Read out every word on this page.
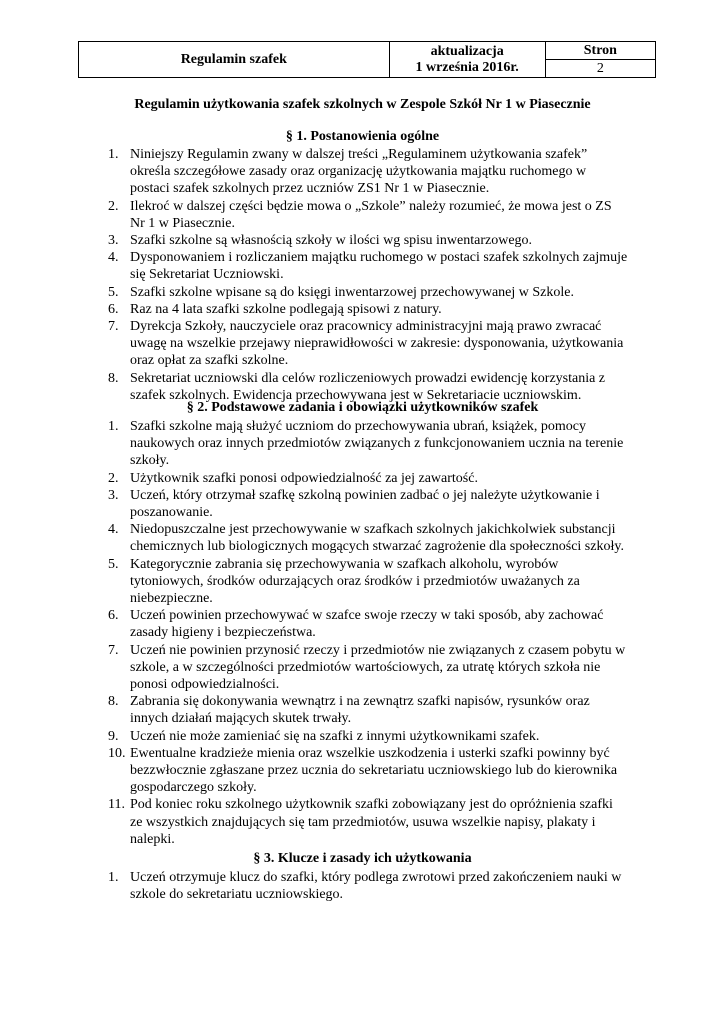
Regulamin szafek	
aktualizacja
1 września 2016r.
	Stron
2
Regulamin użytkowania szafek szkolnych w Zespole Szkół Nr 1 w Piasecznie
§ 1. Postanowienia ogólne
1. Niniejszy Regulamin zwany w dalszej treści „Regulaminem użytkowania szafek” określa szczegółowe zasady oraz organizację użytkowania majątku ruchomego w postaci szafek szkolnych przez uczniów ZS1 Nr 1 w Piasecznie.
2. Ilekroć w dalszej części będzie mowa o „Szkole” należy rozumieć, że mowa jest o ZS Nr 1 w Piasecznie.
3. Szafki szkolne są własnością szkoły w ilości wg spisu inwentarzowego.
4. Dysponowaniem i rozliczaniem majątku ruchomego w postaci szafek szkolnych zajmuje się Sekretariat Uczniowski.
5. Szafki szkolne wpisane są do księgi inwentarzowej przechowywanej w Szkole.
6. Raz na 4 lata szafki szkolne podlegają spisowi z natury.
7. Dyrekcja Szkoły, nauczyciele oraz pracownicy administracyjni mają prawo zwracać uwagę na wszelkie przejawy nieprawidłowości w zakresie: dysponowania, użytkowania oraz opłat za szafki szkolne.
8. Sekretariat uczniowski dla celów rozliczeniowych prowadzi ewidencję korzystania z szafek szkolnych. Ewidencja przechowywana jest w Sekretariacie uczniowskim.
§ 2. Podstawowe zadania i obowiązki użytkowników szafek
1. Szafki szkolne mają służyć uczniom do przechowywania ubrań, książek, pomocy naukowych oraz innych przedmiotów związanych z funkcjonowaniem ucznia na terenie szkoły.
2. Użytkownik szafki ponosi odpowiedzialność za jej zawartość.
3. Uczeń, który otrzymał szafkę szkolną powinien zadbać o jej należyte użytkowanie i poszanowanie.
4. Niedopuszczalne jest przechowywanie w szafkach szkolnych jakichkolwiek substancji chemicznych lub biologicznych mogących stwarzać zagrożenie dla społeczności szkoły.
5. Kategorycznie zabrania się przechowywania w szafkach alkoholu, wyrobów tytoniowych, środków odurzających oraz środków i przedmiotów uważanych za niebezpieczne.
6. Uczeń powinien przechowywać w szafce swoje rzeczy w taki sposób, aby zachować zasady higieny i bezpieczeństwa.
7. Uczeń nie powinien przynosić rzeczy i przedmiotów nie związanych z czasem pobytu w szkole, a w szczególności przedmiotów wartościowych, za utratę których szkoła nie ponosi odpowiedzialności.
8. Zabrania się dokonywania wewnątrz i na zewnątrz szafki napisów, rysunków oraz innych działań mających skutek trwały.
9. Uczeń nie może zamieniać się na szafki z innymi użytkownikami szafek.
10. Ewentualne kradzieże mienia oraz wszelkie uszkodzenia i usterki szafki powinny być bezzwłocznie zgłaszane przez ucznia do sekretariatu uczniowskiego lub do kierownika gospodarczego szkoły.
11. Pod koniec roku szkolnego użytkownik szafki zobowiązany jest do opróżnienia szafki ze wszystkich znajdujących się tam przedmiotów, usuwa wszelkie napisy, plakaty i nalepki.
§ 3. Klucze i zasady ich użytkowania
1. Uczeń otrzymuje klucz do szafki, który podlega zwrotowi przed zakończeniem nauki w szkole do sekretariatu uczniowskiego.
